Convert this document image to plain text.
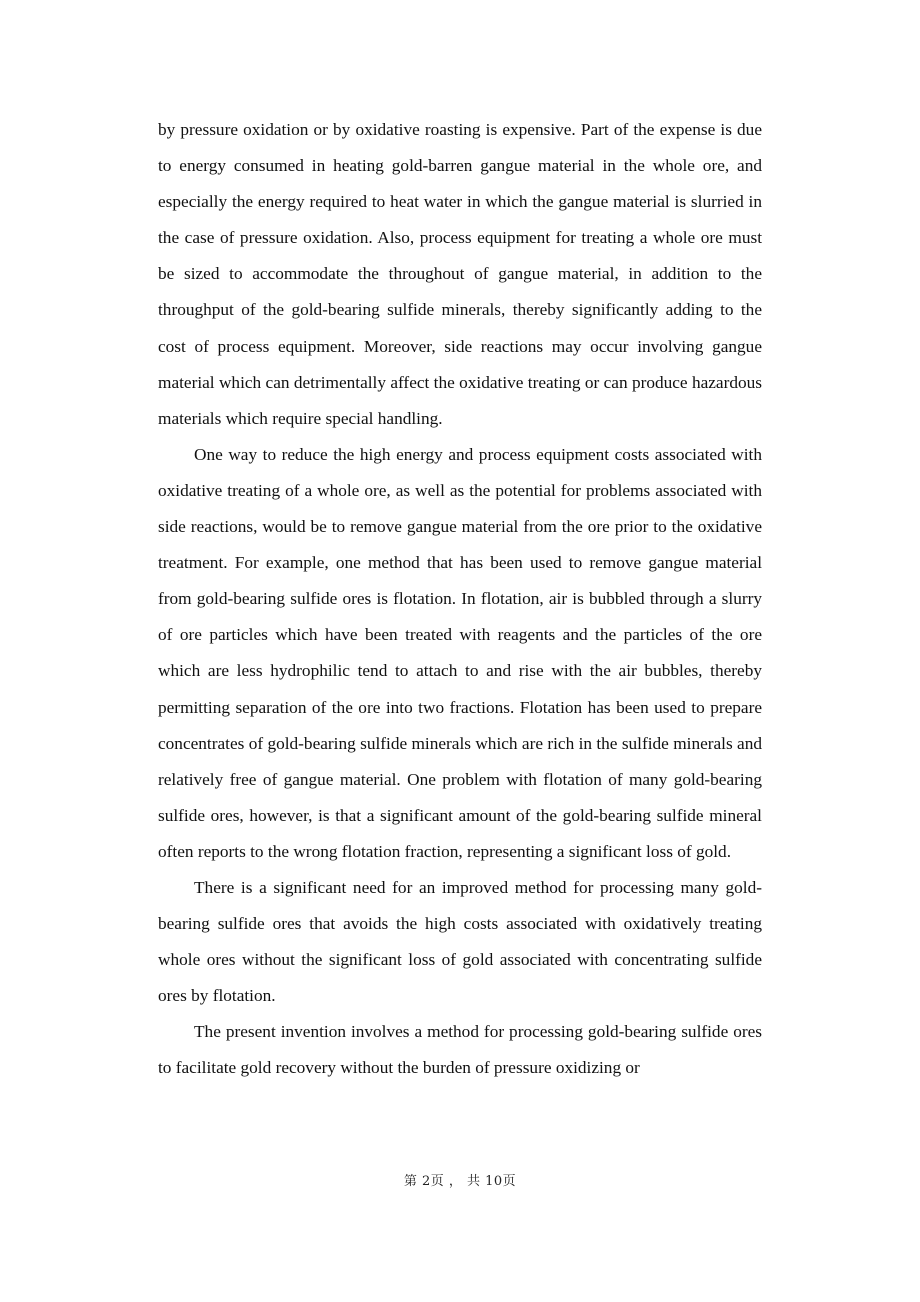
by pressure oxidation or by oxidative roasting is expensive. Part of the expense is due to energy consumed in heating gold-barren gangue material in the whole ore, and especially the energy required to heat water in which the gangue material is slurried in the case of pressure oxidation. Also, process equipment for treating a whole ore must be sized to accommodate the throughout of gangue material, in addition to the throughput of the gold-bearing sulfide minerals, thereby significantly adding to the cost of process equipment. Moreover, side reactions may occur involving gangue material which can detrimentally affect the oxidative treating or can produce hazardous materials which require special handling.

One way to reduce the high energy and process equipment costs associated with oxidative treating of a whole ore, as well as the potential for problems associated with side reactions, would be to remove gangue material from the ore prior to the oxidative treatment. For example, one method that has been used to remove gangue material from gold-bearing sulfide ores is flotation. In flotation, air is bubbled through a slurry of ore particles which have been treated with reagents and the particles of the ore which are less hydrophilic tend to attach to and rise with the air bubbles, thereby permitting separation of the ore into two fractions. Flotation has been used to prepare concentrates of gold-bearing sulfide minerals which are rich in the sulfide minerals and relatively free of gangue material. One problem with flotation of many gold-bearing sulfide ores, however, is that a significant amount of the gold-bearing sulfide mineral often reports to the wrong flotation fraction, representing a significant loss of gold.

There is a significant need for an improved method for processing many gold-bearing sulfide ores that avoids the high costs associated with oxidatively treating whole ores without the significant loss of gold associated with concentrating sulfide ores by flotation.

The present invention involves a method for processing gold-bearing sulfide ores to facilitate gold recovery without the burden of pressure oxidizing or

第 2页 ， 共 10页
